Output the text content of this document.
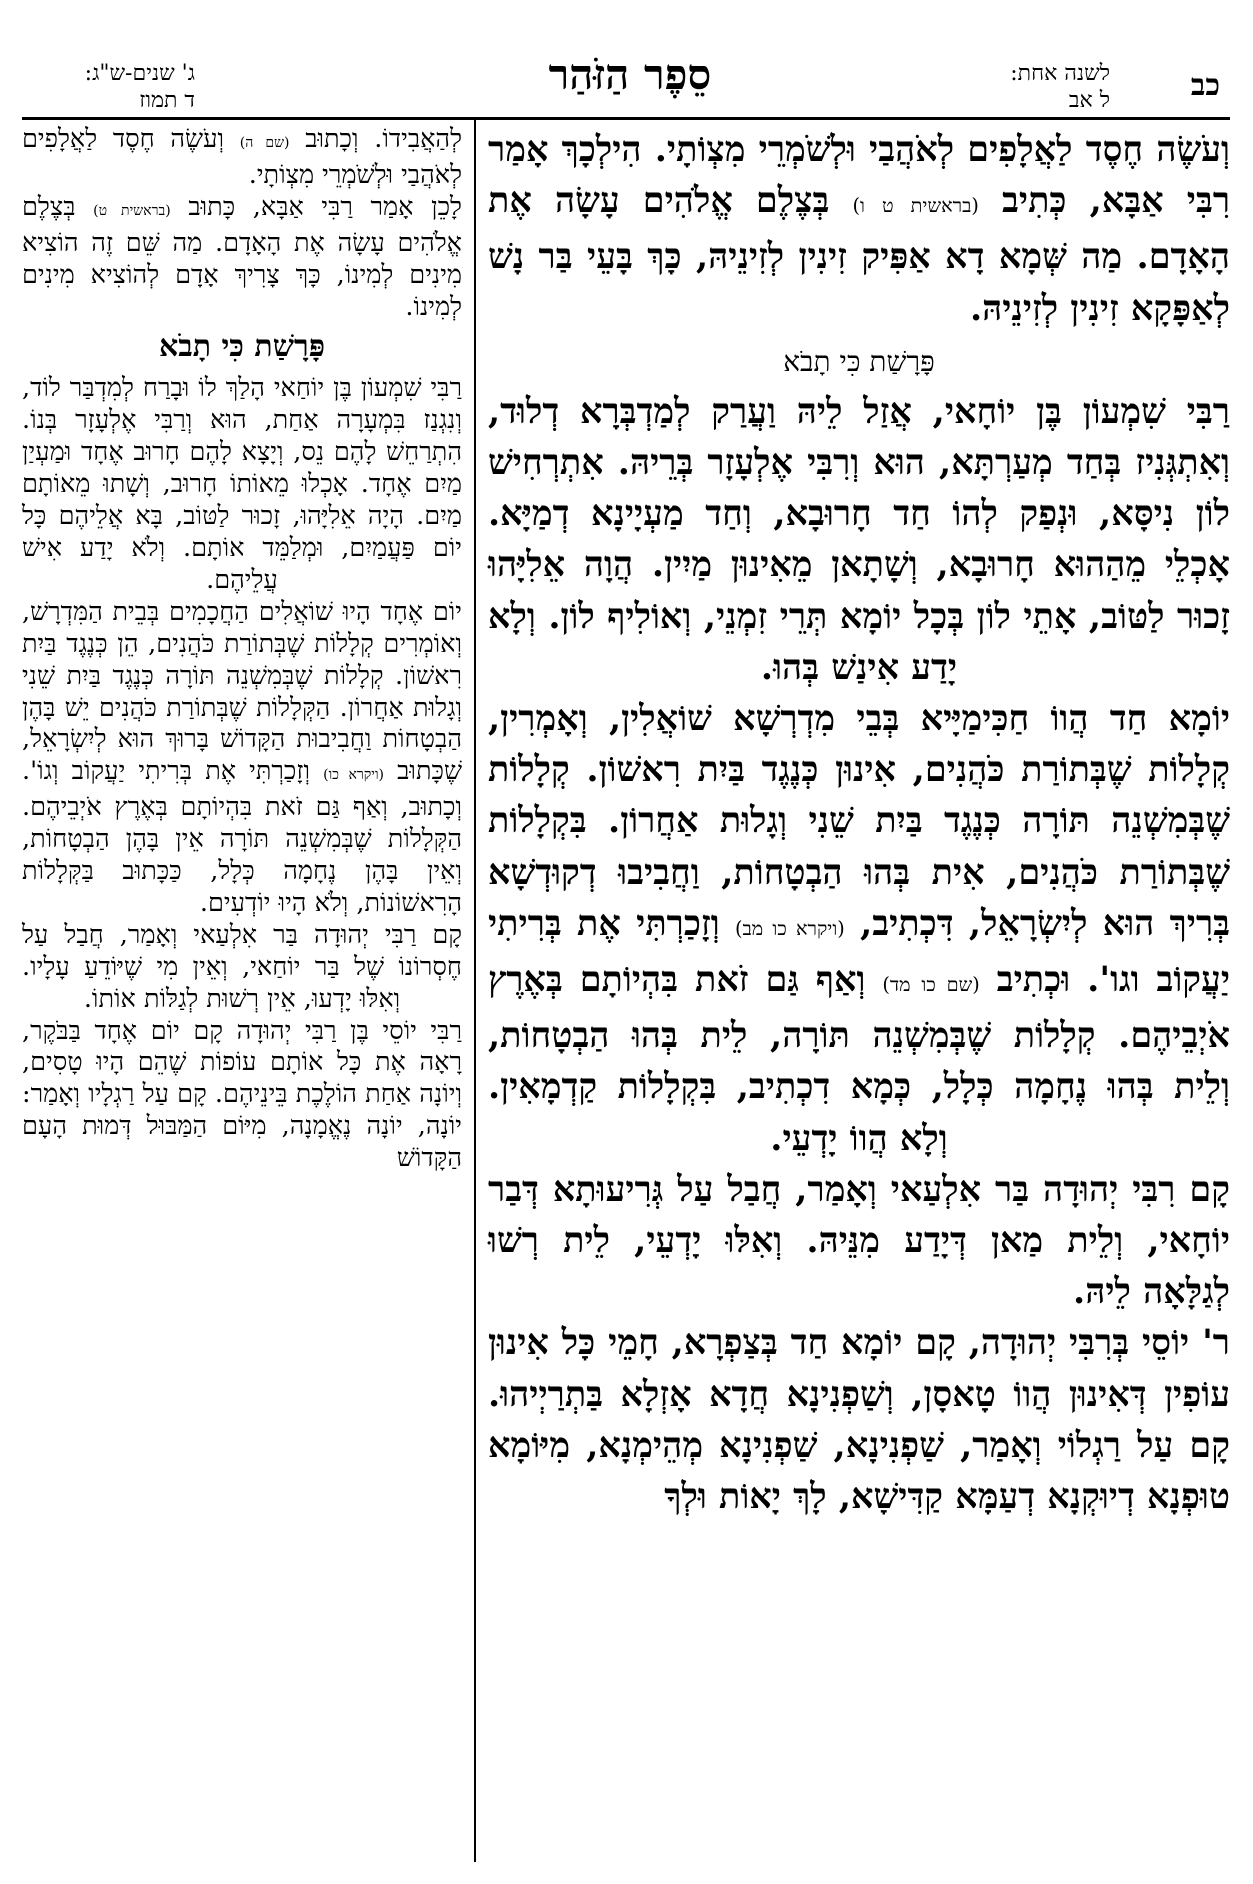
כב
לשנה אחת:
ל אב
סֵפֶר הַזֹּהַר
ג' שנים-ש"ג:
ד תמוז

וְעֹשֶׂה חֶסֶד לַאֲלָפִים לְאֹהֲבַי וּלְשֹׁמְרֵי מִצְוֹתָי. הִילְכָךְ אָמַר רִבִּי אַבָּא, כְּתִיב (בראשית ט ו) בְּצֶלֶם אֱלֹהִים עָשָׂה אֶת הָאָדָם. מַה שְּׁמָא דָא אַפִּיק זִינִין לְזִינֵיהּ, כָּךְ בָּעֵי בַּר נָשׁ לְאַפָּקָא זִינִין לְזִינֵיהּ.

פָּרָשַׁת כִּי תָבֹא

רַבִּי שִׁמְעוֹן בֶּן יוֹחָאי, אֲזַל לֵיהּ וַעֲרַק לְמַדְבְּרָא דְלוּד, וְאִתְגְּנִיז בְּחַד מְעַרְתָּא, הוּא וְרִבִּי אֶלְעָזָר בְּרֵיהּ. אִתְרְחִישׁ לוֹן נִיסָּא, וּנְפַק לְהוֹ חַד חָרוּבָא, וְחַד מַעְיָינָא דְמַיָּא. אָכְלֵי מֵהַהוּא חָרוּבָא, וְשָׁתָאן מֵאִינוּן מַיִין. הֲוָה אֵלִיָּהוּ זָכוּר לַטּוֹב, אָתֵי לוֹן בְּכָל יוֹמָא תְּרֵי זִמְנֵי, וְאוֹלִיף לוֹן. וְלָא יָדַע אִינַשׁ בְּהוּ.

יוֹמָא חַד הֲווֹ חַכִּימַיָּיא בְּבֵי מִדְרְשָׁא שׁוֹאֲלִין, וְאָמְרִין, קְלָלוֹת שֶׁבְּתוֹרַת כֹּהֲנִים, אִינוּן כְּנֶגֶד בַּיִת רִאשׁוֹן. קְלָלוֹת שֶׁבְּמִשְׁנֵה תּוֹרָה כְּנֶגֶד בַּיִת שֵׁנִי וְגָלוּת אַחֲרוֹן. בִּקְלָלוֹת שֶׁבְּתוֹרַת כֹּהֲנִים, אִית בְּהוּ הַבְטָחוֹת, וַחֲבִיבוּ דְקוּדְשָׁא בְּרִיךְ הוּא לְיִשְׂרָאֵל, דִּכְתִיב, (ויקרא כו מב) וְזָכַרְתִּי אֶת בְּרִיתִי יַעֲקוֹב וגו'. וּכְתִיב (שם כו מד) וְאַף גַּם זֹאת בִּהְיוֹתָם בְּאֶרֶץ אֹיְבֵיהֶם. קְלָלוֹת שֶׁבְּמִשְׁנֵה תּוֹרָה, לֵית בְּהוּ הַבְטָחוֹת, וְלֵית בְּהוּ נֶחָמָה כְּלָל, כְּמָא דִכְתִיב, בִּקְלָלוֹת קַדְמָאִין. וְלָא הֲווֹ יָדְעֵי.

קָם רִבִּי יְהוּדָה בַּר אִלְעַאי וְאָמַר, חֲבַל עַל גְּרִיעוּתָא דְּבַר יוֹחָאי, וְלֵית מַאן דְּיָדַע מִנֵּיהּ. וְאִלּוּ יָדְעֵי, לֵית רְשׁוּ לְגַלָּאָה לֵיהּ.

ר' יוֹסֵי בְּרִבִּי יְהוּדָה, קָם יוֹמָא חַד בְּצַפְרָא, חָמֵי כָּל אִינוּן עוֹפִין דְּאִינוּן הֲווֹ טָאסָן, וְשַׁפְנִינָא חֲדָא אָזְלָא בַּתְרַיְיהוּ. קָם עַל רַגְלוֹי וְאָמַר, שַׁפְנִינָא, שַׁפְנִינָא מְהֵימְנָא, מִיּוֹמָא טוּפְנָא דְיוּקְנָא דְעַמָּא קַדִּישָׁא, לָךְ יָאוֹת וּלְךָ

לְהַאֲבִידוֹ. וְכָתוּב (שם ה) וְעֹשֶׂה חֶסֶד לַאֲלָפִים לְאֹהֲבַי וּלְשֹׁמְרֵי מִצְוֹתָי.

לָכֵן אָמַר רַבִּי אַבָּא, כָּתוּב (בראשית ט) בְּצֶלֶם אֱלֹהִים עָשָׂה אֶת הָאָדָם. מַה שֵּׁם זֶה הוֹצִיא מִינִים לְמִינוֹ, כָּךְ צָרִיךְ אָדָם לְהוֹצִיא מִינִים לְמִינוֹ.

פָּרָשַׁת כִּי תָבֹא

רַבִּי שִׁמְעוֹן בֶּן יוֹחַאי הָלַךְ לוֹ וּבָרַח לְמִדְבַּר לוֹד, וְנִגְנַז בִּמְעָרָה אַחַת, הוּא וְרַבִּי אֶלְעָזָר בְּנוֹ. הִתְרַחֵשׁ לָהֶם נֵס, וְיָצָא לָהֶם חָרוּב אֶחָד וּמַעְיַן מַיִם אֶחָד. אָכְלוּ מֵאוֹתוֹ חָרוּב, וְשָׁתוּ מֵאוֹתָם מַיִם. הָיָה אֵלִיָּהוּ, זָכוּר לַטּוֹב, בָּא אֲלֵיהֶם כָּל יוֹם פַּעֲמַיִם, וּמְלַמֵּד אוֹתָם. וְלֹא יָדַע אִישׁ עֲלֵיהֶם.

יוֹם אֶחָד הָיוּ שׁוֹאֲלִים הַחֲכָמִים בְּבֵית הַמִּדְרָשׁ, וְאוֹמְרִים קְלָלוֹת שֶׁבְּתוֹרַת כֹּהֲנִים, הֵן כְּנֶגֶד בַּיִת רִאשׁוֹן. קְלָלוֹת שֶׁבְּמִשְׁנֵה תּוֹרָה כְּנֶגֶד בַּיִת שֵׁנִי וְגָלוּת אַחֲרוֹן. הַקְּלָלוֹת שֶׁבְּתוֹרַת כֹּהֲנִים יֵשׁ בָּהֶן הַבְטָחוֹת וַחֲבִיבוּת הַקָּדוֹשׁ בָּרוּךְ הוּא לְיִשְׂרָאֵל, שֶׁכָּתוּב (ויקרא כו) וְזָכַרְתִּי אֶת בְּרִיתִי יַעֲקוֹב וְגוֹ'. וְכָתוּב, וְאַף גַּם זֹאת בִּהְיוֹתָם בְּאֶרֶץ אֹיְבֵיהֶם. הַקְּלָלוֹת שֶׁבְּמִשְׁנֵה תּוֹרָה אֵין בָּהֶן הַבְטָחוֹת, וְאֵין בָּהֶן נֶחָמָה כְּלָל, כַּכָּתוּב בַּקְּלָלוֹת הָרִאשׁוֹנוֹת, וְלֹא הָיוּ יוֹדְעִים.

קָם רַבִּי יְהוּדָה בַּר אִלְעַאי וְאָמַר, חֲבַל עַל חֶסְרוֹנוֹ שֶׁל בַּר יוֹחַאי, וְאֵין מִי שֶׁיּוֹדֵעַ עָלָיו. וְאִלּוּ יָדְעוּ, אֵין רְשׁוּת לְגַלּוֹת אוֹתוֹ.

רַבִּי יוֹסֵי בֶּן רַבִּי יְהוּדָה קָם יוֹם אֶחָד בַּבֹּקֶר, רָאָה אֶת כָּל אוֹתָם עוֹפוֹת שֶׁהֵם הָיוּ טָסִים, וְיוֹנָה אַחַת הוֹלֶכֶת בֵּינֵיהֶם. קָם עַל רַגְלָיו וְאָמַר: יוֹנָה, יוֹנָה נֶאֱמָנָה, מִיּוֹם הַמַּבּוּל דְּמוּת הָעָם הַקָּדוֹשׁ
